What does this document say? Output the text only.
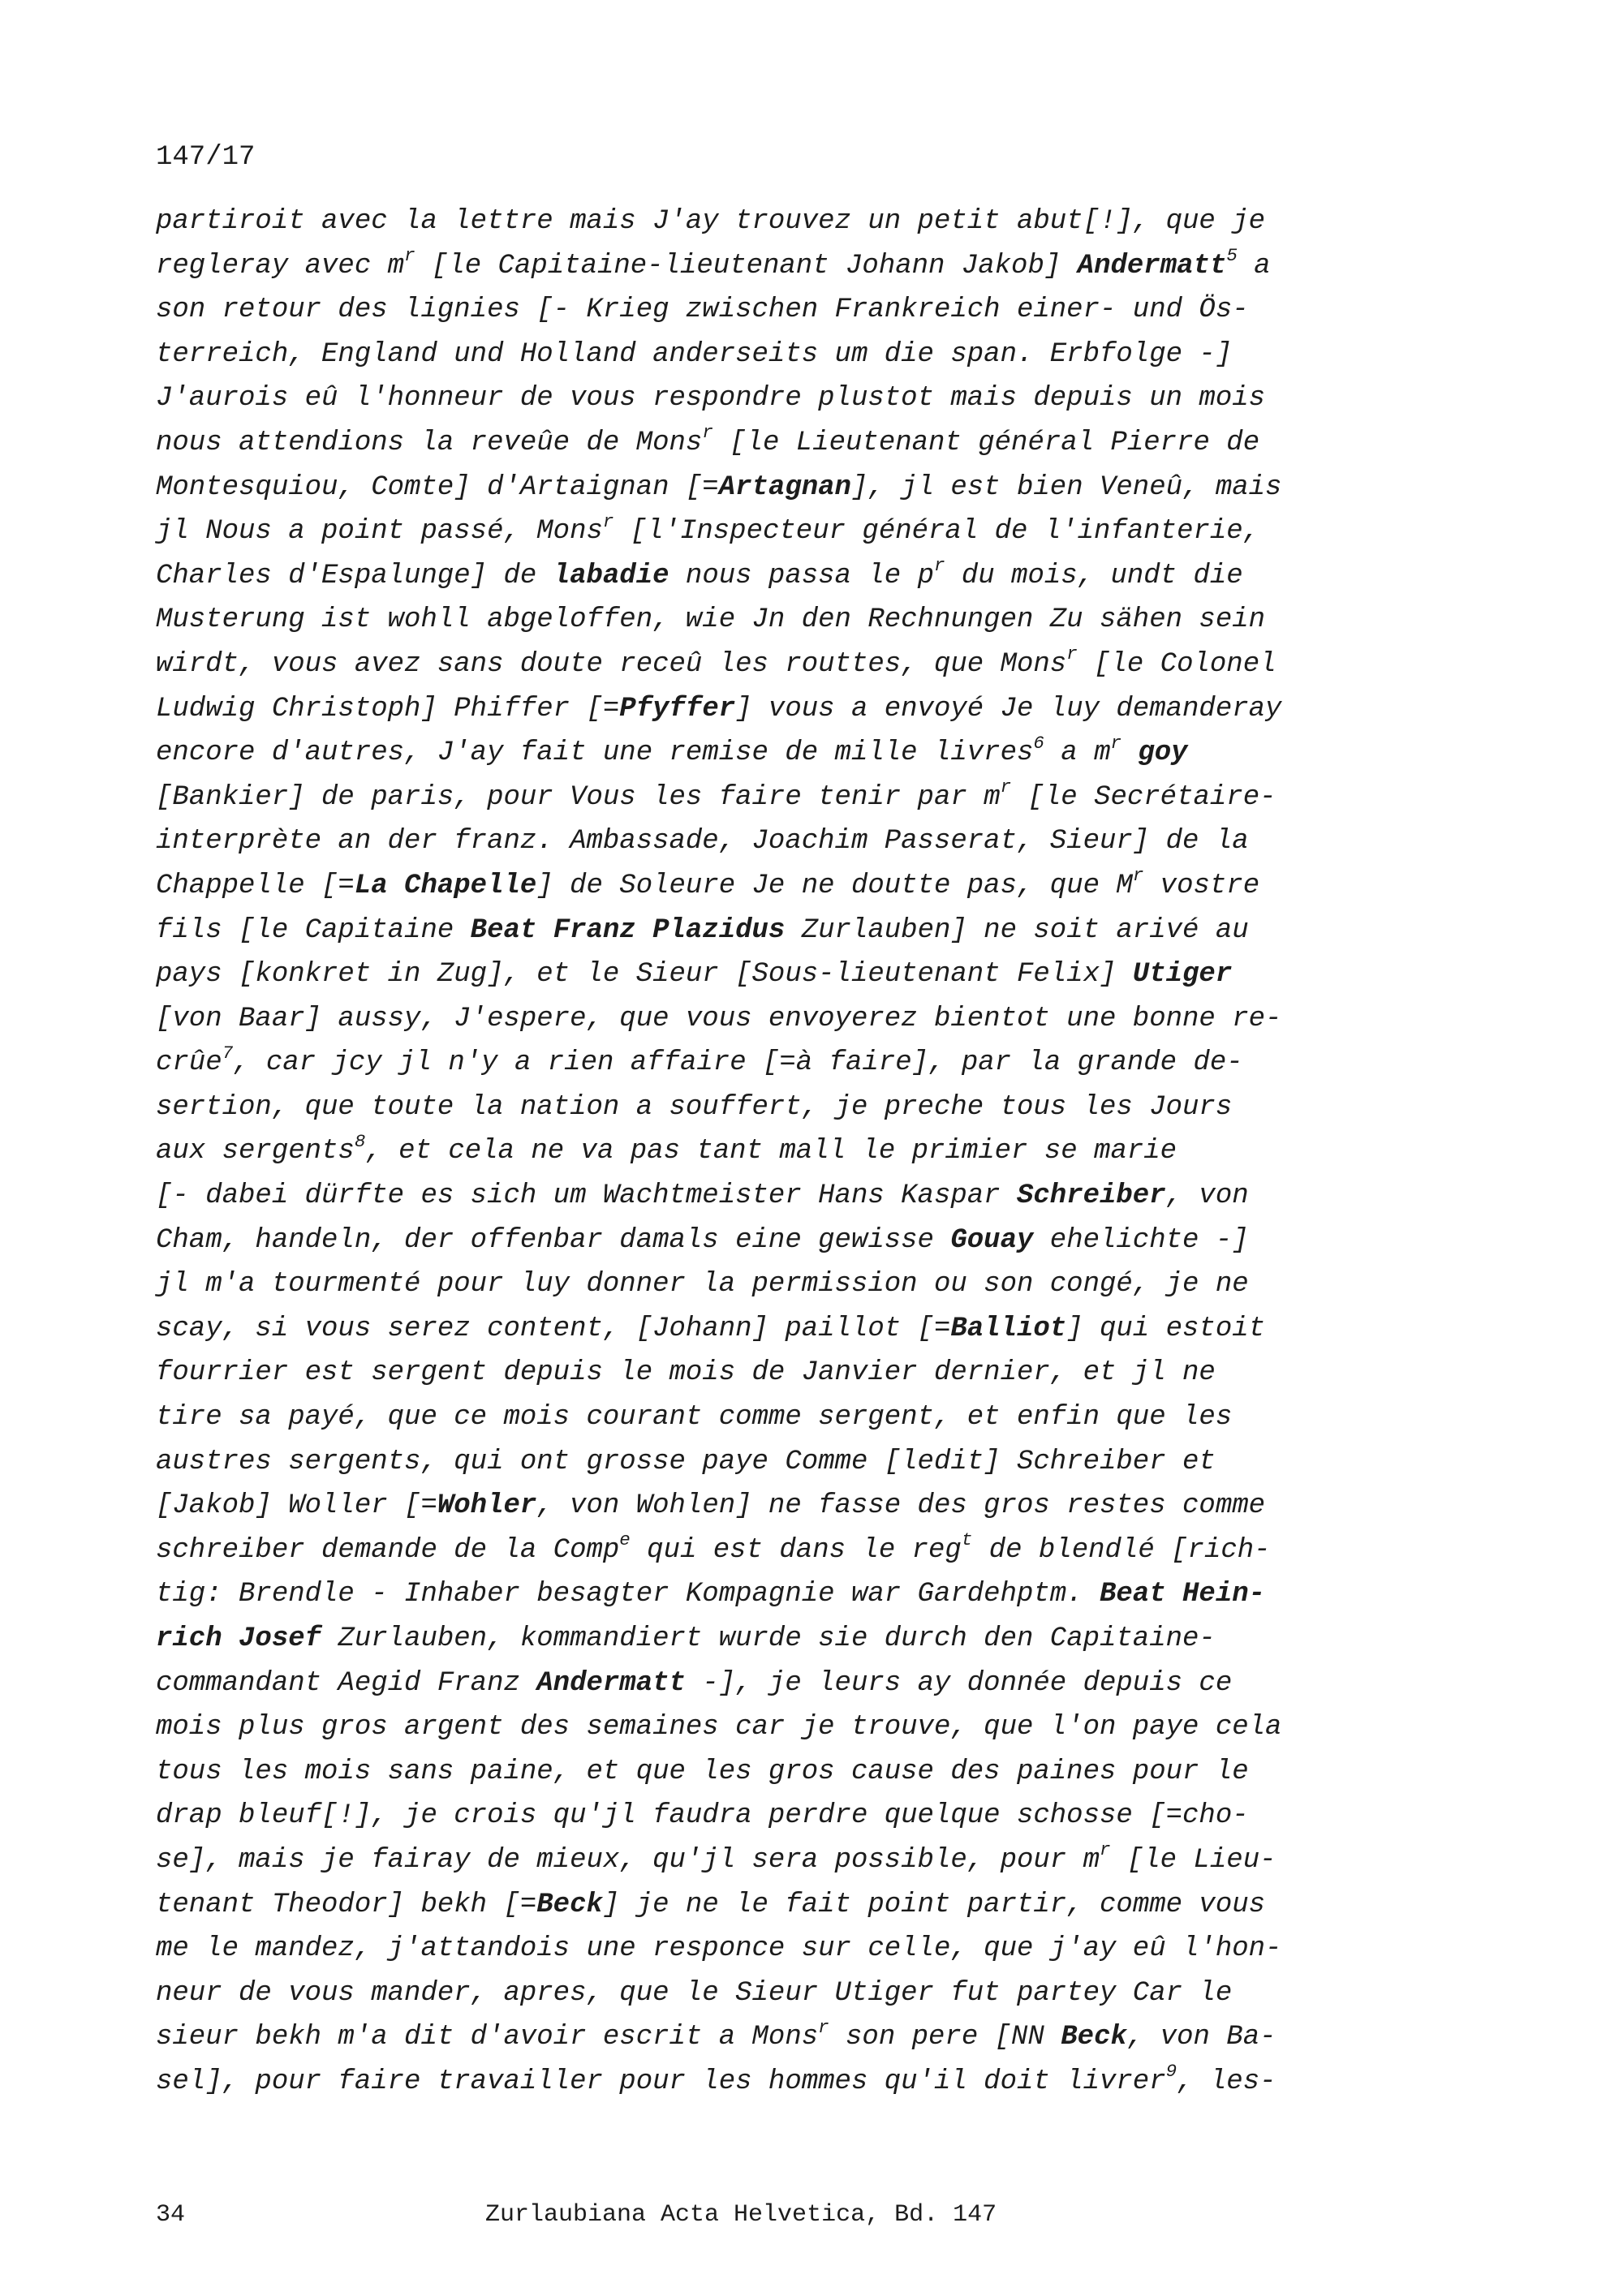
147/17
partiroit avec la lettre mais J'ay trouvez un petit abut[!], que je
regleray avec $m^r$ [le Capitaine-lieutenant Johann Jakob] Andermatt$^5$ a
son retour des lignies [- Krieg zwischen Frankreich einer- und Ös-
terreich, England und Holland anderseits um die span. Erbfolge -]
J'aurois eû l'honneur de vous respondre plustot mais depuis un mois
nous attendions la reveûe de Mons$^r$ [le Lieutenant général Pierre de
Montesquiou, Comte] d'Artaignan [=Artagnan], jl est bien Veneû, mais
jl Nous a point passé, Mons$^r$ [l'Inspecteur général de l'infanterie,
Charles d'Espalunge] de labadie nous passa le $p^r$ du mois, undt die
Musterung ist wohll abgeloffen, wie Jn den Rechnungen Zu sähen sein
wirdt, vous avez sans doute receû les routtes, que Mons$^r$ [le Colonel
Ludwig Christoph] Phiffer [=Pfyffer] vous a envoyé Je luy demanderay
encore d'autres, J'ay fait une remise de mille livres$^6$ a $m^r$ goy
[Bankier] de paris, pour Vous les faire tenir par $m^r$ [le Secrétaire-
interprète an der franz. Ambassade, Joachim Passerat, Sieur] de la
Chappelle [=La Chapelle] de Soleure Je ne doutte pas, que $M^r$ vostre
fils [le Capitaine Beat Franz Plazidus Zurlauben] ne soit arivé au
pays [konkret in Zug], et le Sieur [Sous-lieutenant Felix] Utiger
[von Baar] aussy, J'espere, que vous envoyerez bientot une bonne re-
crûe$^7$, car jcy jl n'y a rien affaire [=à faire], par la grande de-
sertion, que toute la nation a souffert, je preche tous les Jours
aux sergents$^8$, et cela ne va pas tant mall le primier se marie
[- dabei dürfte es sich um Wachtmeister Hans Kaspar Schreiber, von
Cham, handeln, der offenbar damals eine gewisse Gouay ehelichte -]
jl m'a tourmenté pour luy donner la permission ou son congé, je ne
scay, si vous serez content, [Johann] paillot [=Balliot] qui estoit
fourrier est sergent depuis le mois de Janvier dernier, et jl ne
tire sa payé, que ce mois courant comme sergent, et enfin que les
austres sergents, qui ont grosse paye Comme [ledit] Schreiber et
[Jakob] Woller [=Wohler, von Wohlen] ne fasse des gros restes comme
schreiber demande de la Comp$^e$ qui est dans le reg$^t$ de blendlé [rich-
tig: Brendle - Inhaber besagter Kompagnie war Gardehptm. Beat Hein-
rich Josef Zurlauben, kommandiert wurde sie durch den Capitaine-
commandant Aegid Franz Andermatt -], je leurs ay donnée depuis ce
mois plus gros argent des semaines car je trouve, que l'on paye cela
tous les mois sans paine, et que les gros cause des paines pour le
drap bleuf[!], je crois qu'jl faudra perdre quelque schosse [=cho-
se], mais je fairay de mieux, qu'jl sera possible, pour $m^r$ [le Lieu-
tenant Theodor] bekh [=Beck] je ne le fait point partir, comme vous
me le mandez, j'attandois une responce sur celle, que j'ay eû l'hon-
neur de vous mander, apres, que le Sieur Utiger fut partey Car le
sieur bekh m'a dit d'avoir escrit a Mons$^r$ son pere [NN Beck, von Ba-
sel], pour faire travailler pour les hommes qu'il doit livrer$^9$, les-
34	Zurlaubiana Acta Helvetica, Bd. 147
